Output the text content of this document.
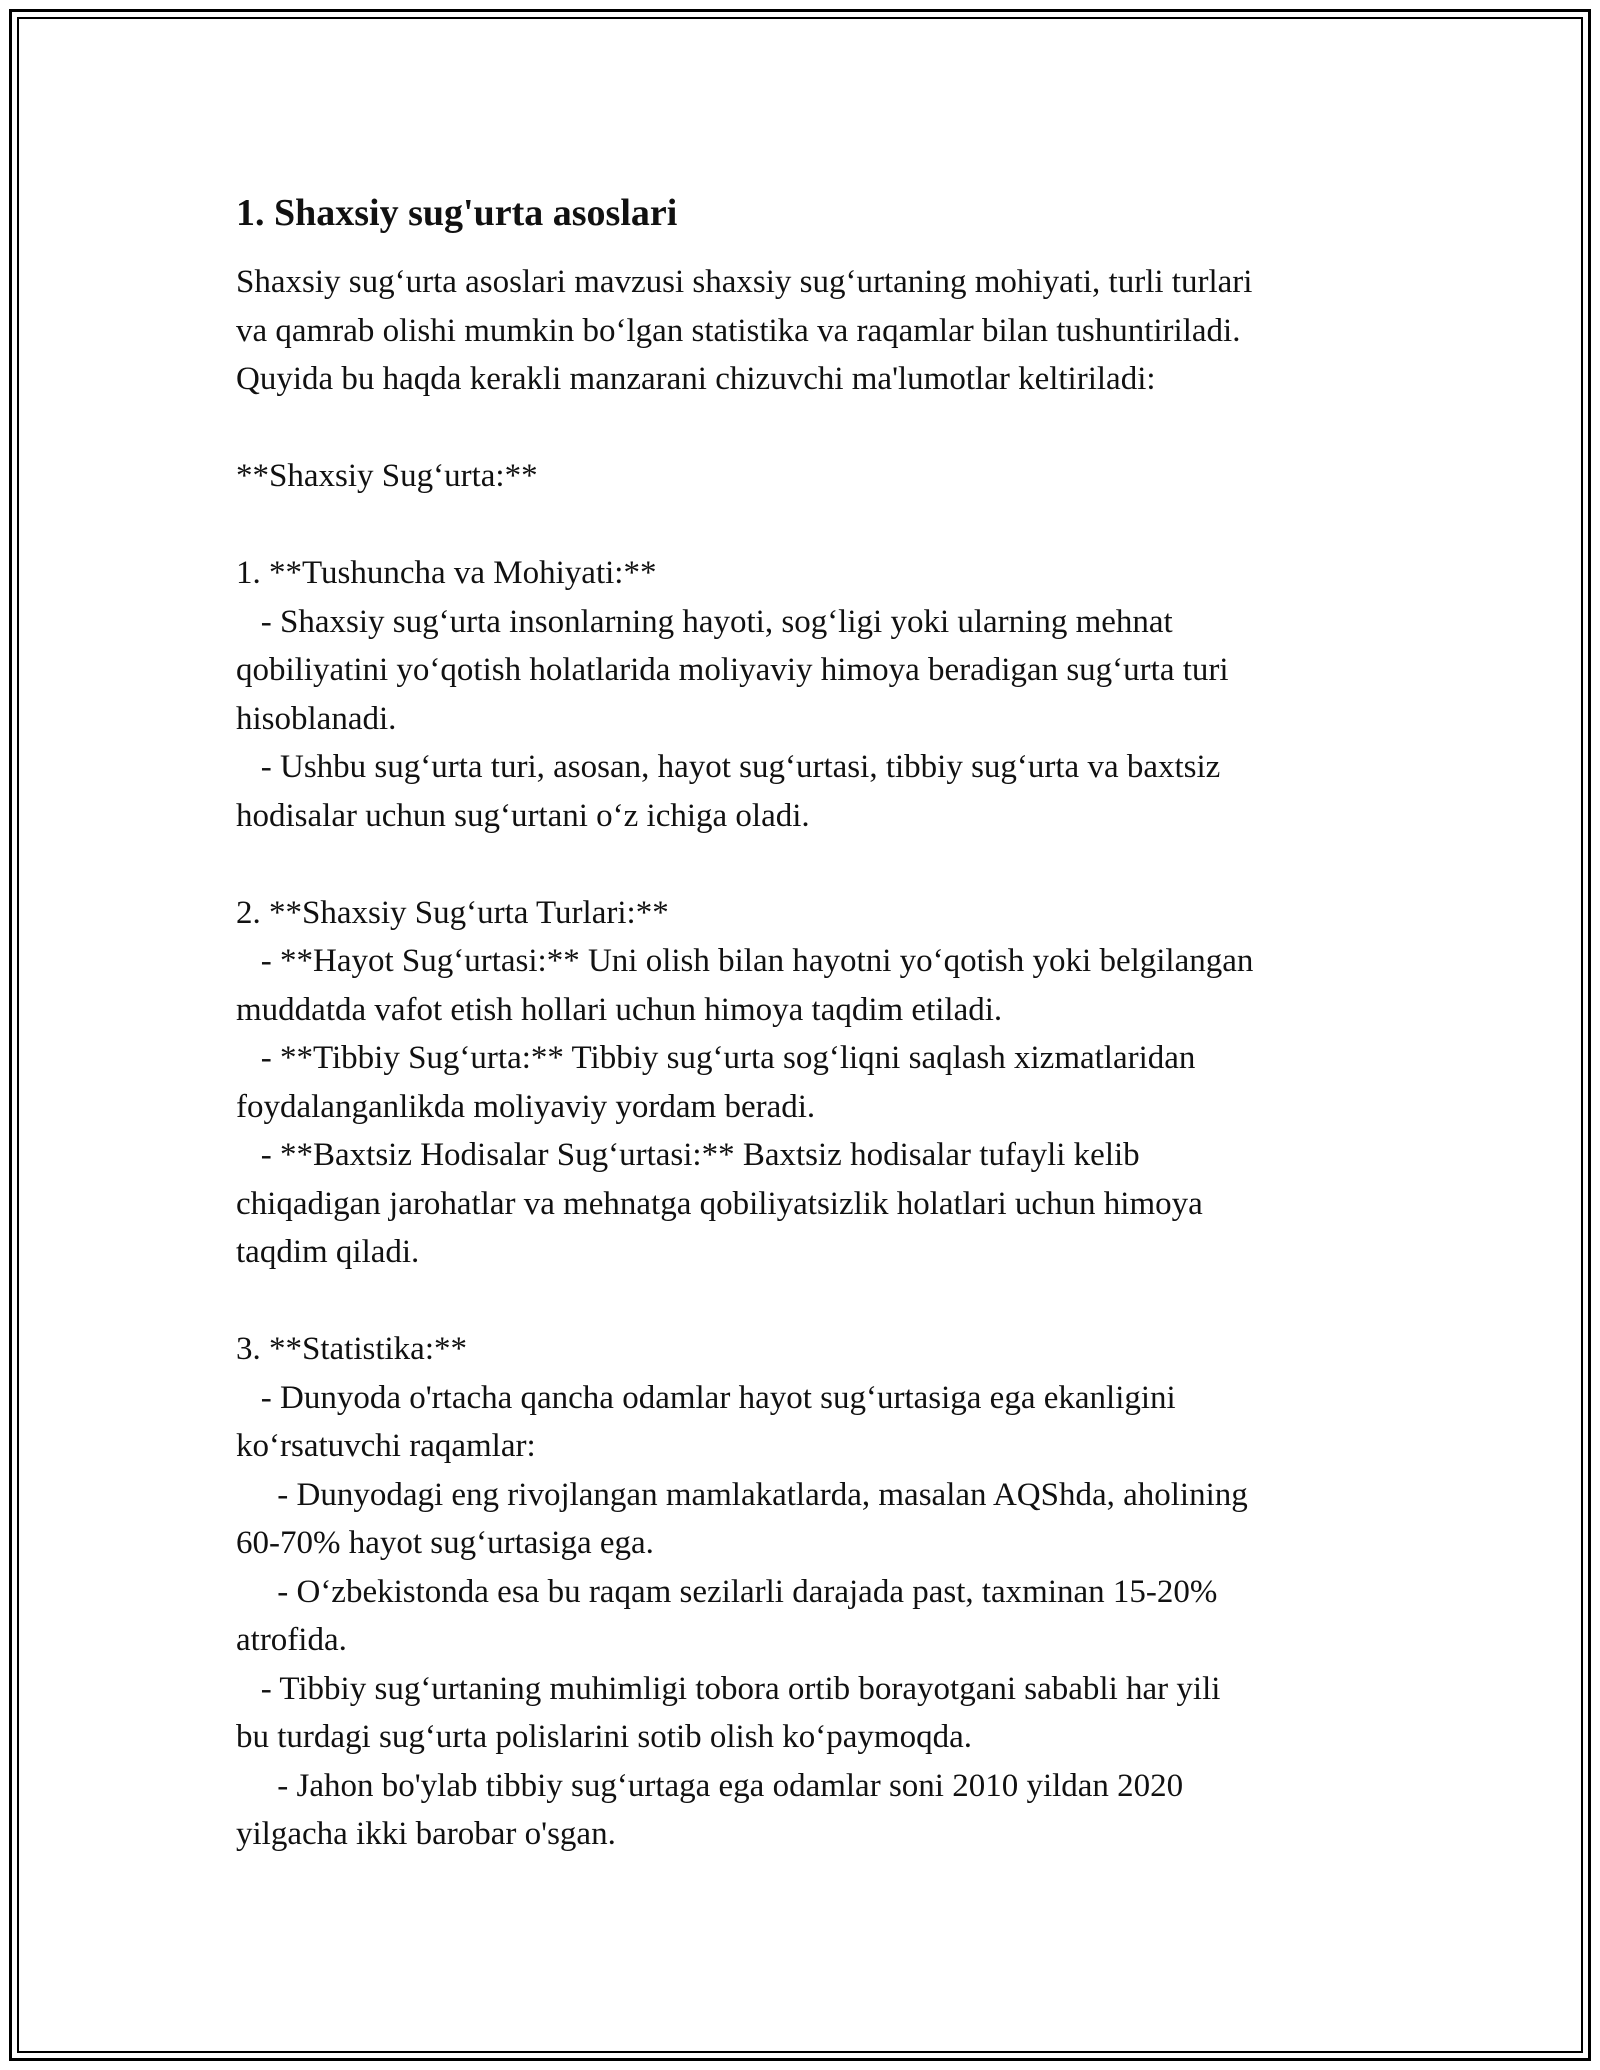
1. Shaxsiy sug'urta asoslari

Shaxsiy sug‘urta asoslari mavzusi shaxsiy sug‘urtaning mohiyati, turli turlari
va qamrab olishi mumkin bo‘lgan statistika va raqamlar bilan tushuntiriladi.
Quyida bu haqda kerakli manzarani chizuvchi ma'lumotlar keltiriladi:

**Shaxsiy Sug‘urta:**

1. **Tushuncha va Mohiyati:**

- Shaxsiy sug‘urta insonlarning hayoti, sog‘ligi yoki ularning mehnat
qobiliyatini yo‘qotish holatlarida moliyaviy himoya beradigan sug‘urta turi
hisoblanadi.

- Ushbu sug‘urta turi, asosan, hayot sug‘urtasi, tibbiy sug‘urta va baxtsiz
hodisalar uchun sug‘urtani o‘z ichiga oladi.

2. **Shaxsiy Sug‘urta Turlari:**

- **Hayot Sug‘urtasi:** Uni olish bilan hayotni yo‘qotish yoki belgilangan
muddatda vafot etish hollari uchun himoya taqdim etiladi.

- **Tibbiy Sug‘urta:** Tibbiy sug‘urta sog‘liqni saqlash xizmatlaridan
foydalanganlikda moliyaviy yordam beradi.

- **Baxtsiz Hodisalar Sug‘urtasi:** Baxtsiz hodisalar tufayli kelib
chiqadigan jarohatlar va mehnatga qobiliyatsizlik holatlari uchun himoya
taqdim qiladi.

3. **Statistika:**

- Dunyoda o'rtacha qancha odamlar hayot sug‘urtasiga ega ekanligini
ko‘rsatuvchi raqamlar:

- Dunyodagi eng rivojlangan mamlakatlarda, masalan AQShda, aholining
60-70% hayot sug‘urtasiga ega.

- O‘zbekistonda esa bu raqam sezilarli darajada past, taxminan 15-20%
atrofida.

- Tibbiy sug‘urtaning muhimligi tobora ortib borayotgani sababli har yili
bu turdagi sug‘urta polislarini sotib olish ko‘paymoqda.

- Jahon bo'ylab tibbiy sug‘urtaga ega odamlar soni 2010 yildan 2020
yilgacha ikki barobar o'sgan.
